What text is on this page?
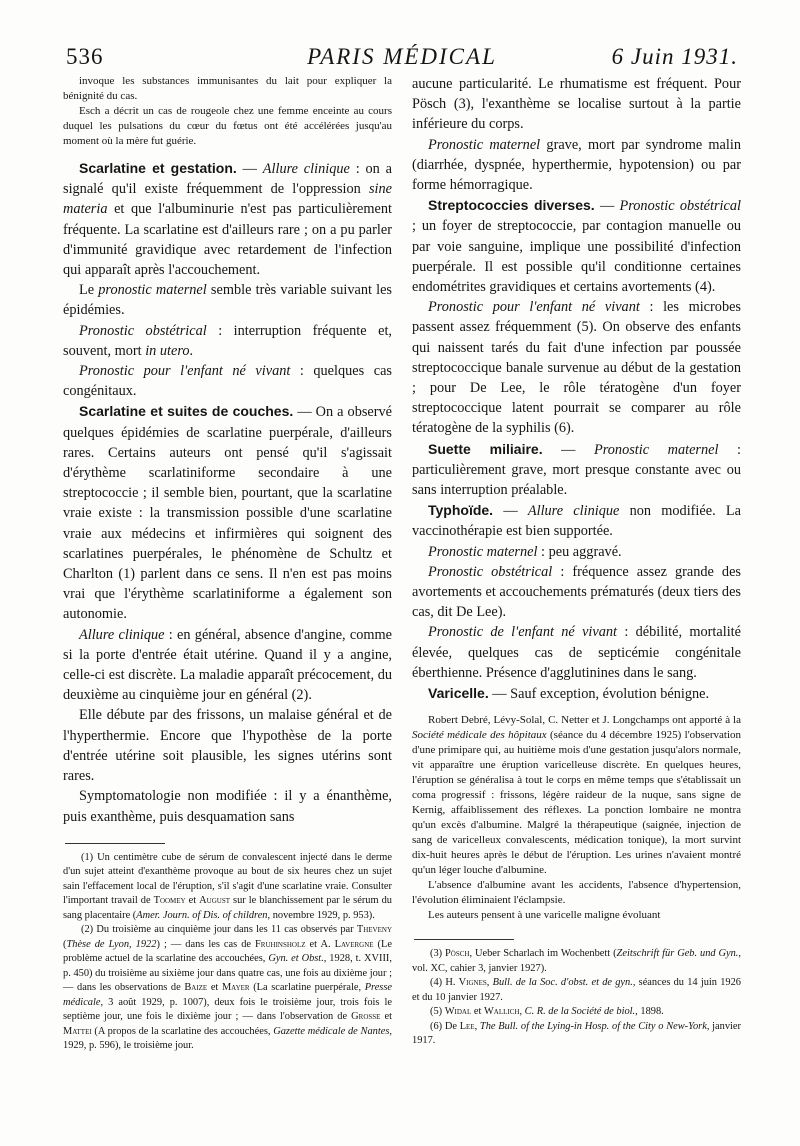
536	PARIS MÉDICAL	6 Juin 1931.

invoque les substances immunisantes du lait pour expliquer la bénignité du cas.

Esch a décrit un cas de rougeole chez une femme enceinte au cours duquel les pulsations du cœur du fœtus ont été accélérées jusqu'au moment où la mère fut guérie.

Scarlatine et gestation. — Allure clinique : on a signalé qu'il existe fréquemment de l'oppression sine materia et que l'albuminurie n'est pas particulièrement fréquente. La scarlatine est d'ailleurs rare ; on a pu parler d'immunité gravidique avec retardement de l'infection qui apparaît après l'accouchement.

Le pronostic maternel semble très variable suivant les épidémies.

Pronostic obstétrical : interruption fréquente et, souvent, mort in utero.

Pronostic pour l'enfant né vivant : quelques cas congénitaux.

Scarlatine et suites de couches. — On a observé quelques épidémies de scarlatine puerpérale, d'ailleurs rares. Certains auteurs ont pensé qu'il s'agissait d'érythème scarlatiniforme secondaire à une streptococcie ; il semble bien, pourtant, que la scarlatine vraie existe : la transmission possible d'une scarlatine vraie aux médecins et infirmières qui soignent des scarlatines puerpérales, le phénomène de Schultz et Charlton (1) parlent dans ce sens. Il n'en est pas moins vrai que l'érythème scarlatiniforme a également son autonomie.

Allure clinique : en général, absence d'angine, comme si la porte d'entrée était utérine. Quand il y a angine, celle-ci est discrète. La maladie apparaît précocement, du deuxième au cinquième jour en général (2).

Elle débute par des frissons, un malaise général et de l'hyperthermie. Encore que l'hypothèse de la porte d'entrée utérine soit plausible, les signes utérins sont rares.

Symptomatologie non modifiée : il y a énanthème, puis exanthème, puis desquamation sans

(1) Un centimètre cube de sérum de convalescent injecté dans le derme d'un sujet atteint d'exanthème provoque au bout de six heures chez un sujet sain l'effacement local de l'éruption, s'il s'agit d'une scarlatine vraie. Consulter l'important travail de Toomey et August sur le blanchissement par le sérum du sang placentaire (Amer. Journ. of Dis. of children, novembre 1929, p. 953).

(2) Du troisième au cinquième jour dans les 11 cas observés par Theveny (Thèse de Lyon, 1922) ; — dans les cas de Fruhinsholz et A. Lavergne (Le problème actuel de la scarlatine des accouchées, Gyn. et Obst., 1928, t. XVIII, p. 450) du troisième au sixième jour dans quatre cas, une fois au dixième jour ; — dans les observations de Baize et Mayer (La scarlatine puerpérale, Presse médicale, 3 août 1929, p. 1007), deux fois le troisième jour, trois fois le septième jour, une fois le dixième jour ; — dans l'observation de Grosse et Mattei (A propos de la scarlatine des accouchées, Gazette médicale de Nantes, 1929, p. 596), le troisième jour.

aucune particularité. Le rhumatisme est fréquent. Pour Pösch (3), l'exanthème se localise surtout à la partie inférieure du corps.

Pronostic maternel grave, mort par syndrome malin (diarrhée, dyspnée, hyperthermie, hypotension) ou par forme hémorragique.

Streptococcies diverses. — Pronostic obstétrical ; un foyer de streptococcie, par contagion manuelle ou par voie sanguine, implique une possibilité d'infection puerpérale. Il est possible qu'il conditionne certaines endométrites gravidiques et certains avortements (4).

Pronostic pour l'enfant né vivant : les microbes passent assez fréquemment (5). On observe des enfants qui naissent tarés du fait d'une infection par poussée streptococcique banale survenue au début de la gestation ; pour De Lee, le rôle tératogène d'un foyer streptococcique latent pourrait se comparer au rôle tératogène de la syphilis (6).

Suette miliaire. — Pronostic maternel : particulièrement grave, mort presque constante avec ou sans interruption préalable.

Typhoïde. — Allure clinique non modifiée. La vaccinothérapie est bien supportée.

Pronostic maternel : peu aggravé.

Pronostic obstétrical : fréquence assez grande des avortements et accouchements prématurés (deux tiers des cas, dit De Lee).

Pronostic de l'enfant né vivant : débilité, mortalité élevée, quelques cas de septicémie congénitale éberthienne. Présence d'agglutinines dans le sang.

Varicelle. — Sauf exception, évolution bénigne.

Robert Debré, Lévy-Solal, C. Netter et J. Longchamps ont apporté à la Société médicale des hôpitaux (séance du 4 décembre 1925) l'observation d'une primipare qui, au huitième mois d'une gestation jusqu'alors normale, vit apparaître une éruption varicelleuse discrète. En quelques heures, l'éruption se généralisa à tout le corps en même temps que s'établissait un coma progressif : frissons, légère raideur de la nuque, sans signe de Kernig, affaiblissement des réflexes. La ponction lombaire ne montra qu'un excès d'albumine. Malgré la thérapeutique (saignée, injection de sang de varicelleux convalescents, médication tonique), la mort survint dix-huit heures après le début de l'éruption. Les urines n'avaient montré qu'un léger louche d'albumine.

L'absence d'albumine avant les accidents, l'absence d'hypertension, l'évolution éliminaient l'éclampsie.

Les auteurs pensent à une varicelle maligne évoluant

(3) Pösch, Ueber Scharlach im Wochenbett (Zeitschrift für Geb. und Gyn., vol. XC, cahier 3, janvier 1927).

(4) H. Vignes, Bull. de la Soc. d'obst. et de gyn., séances du 14 juin 1926 et du 10 janvier 1927.

(5) Widal et Wallich, C. R. de la Société de biol., 1898.

(6) De Lee, The Bull. of the Lying-in Hosp. of the City o New-York, janvier 1917.
